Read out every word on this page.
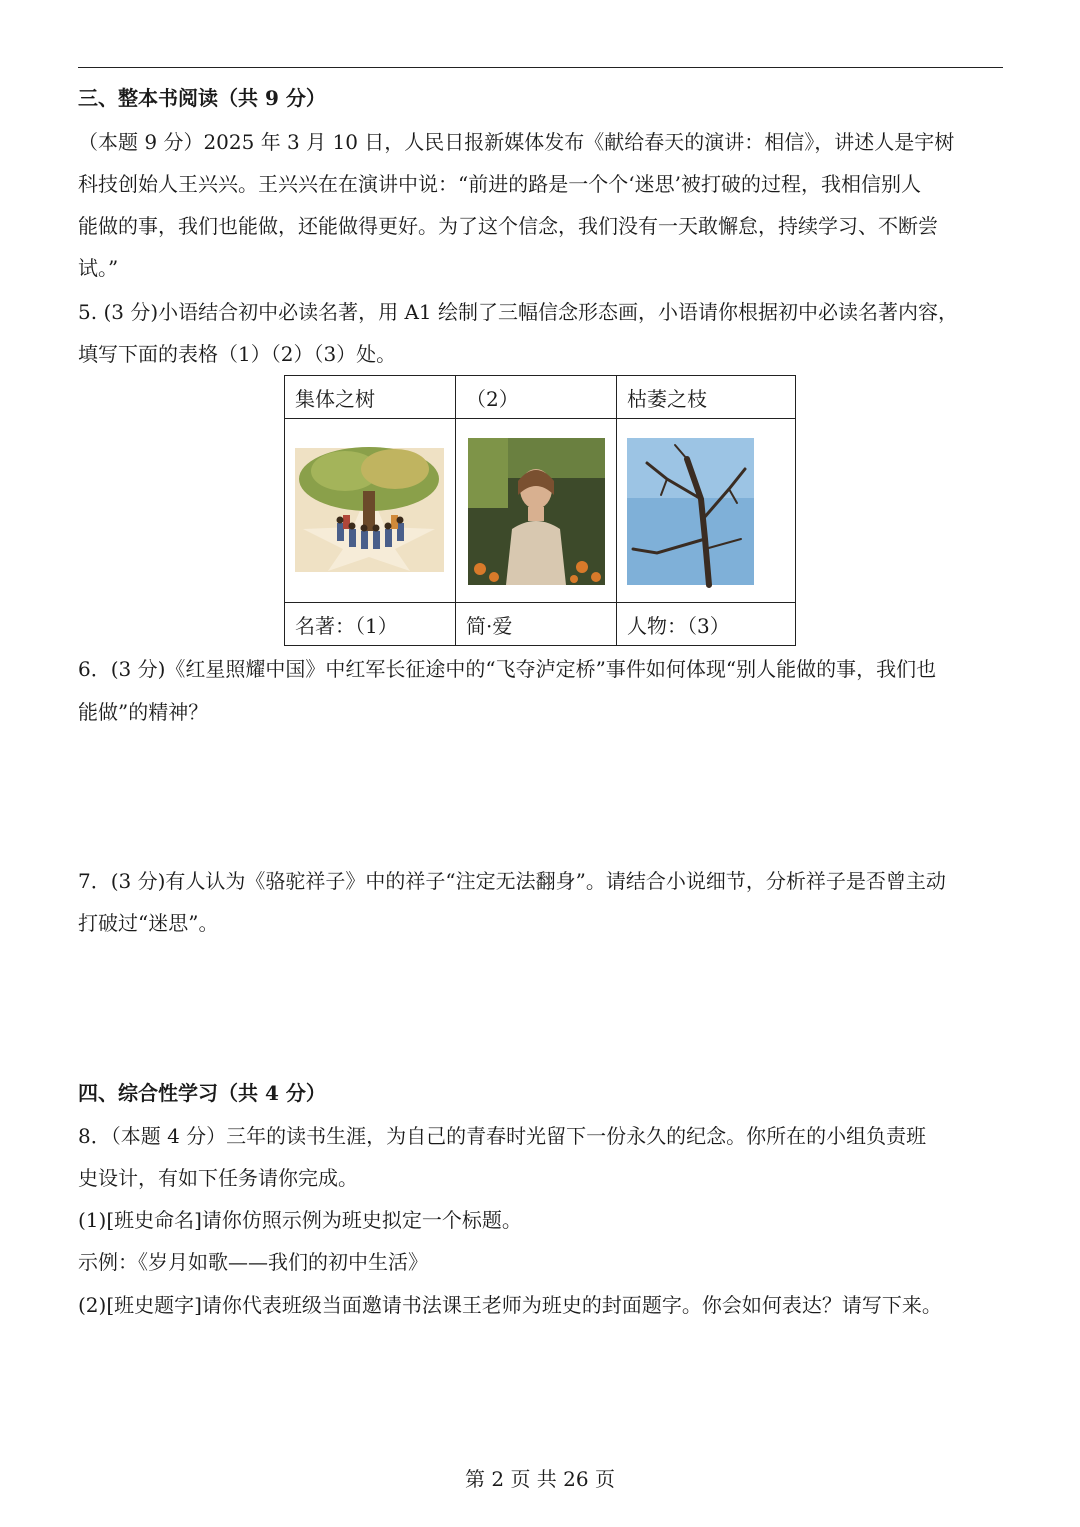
三、整本书阅读（共 9 分）
（本题 9 分）2025 年 3 月 10 日，人民日报新媒体发布《献给春天的演讲：相信》，讲述人是宇树
科技创始人王兴兴。王兴兴在在演讲中说：“前进的路是一个个‘迷思’被打破的过程，我相信别人
能做的事，我们也能做，还能做得更好。为了这个信念，我们没有一天敢懈怠，持续学习、不断尝
试。”
5. (3 分)小语结合初中必读名著，用 A1 绘制了三幅信念形态画，小语请你根据初中必读名著内容，
填写下面的表格（1）（2）（3）处。
集体之树	（2）	枯萎之枝

名著：（1）	简·爱	人物：（3）
6．(3 分)《红星照耀中国》中红军长征途中的“飞夺泸定桥”事件如何体现“别人能做的事，我们也
能做”的精神？
7．(3 分)有人认为《骆驼祥子》中的祥子“注定无法翻身”。请结合小说细节，分析祥子是否曾主动
打破过“迷思”。
四、综合性学习（共 4 分）
8．（本题 4 分）三年的读书生涯，为自己的青春时光留下一份永久的纪念。你所在的小组负责班
史设计，有如下任务请你完成。
(1)[班史命名]请你仿照示例为班史拟定一个标题。
示例：《岁月如歌——我们的初中生活》
(2)[班史题字]请你代表班级当面邀请书法课王老师为班史的封面题字。你会如何表达？请写下来。
第 2 页 共 26 页
